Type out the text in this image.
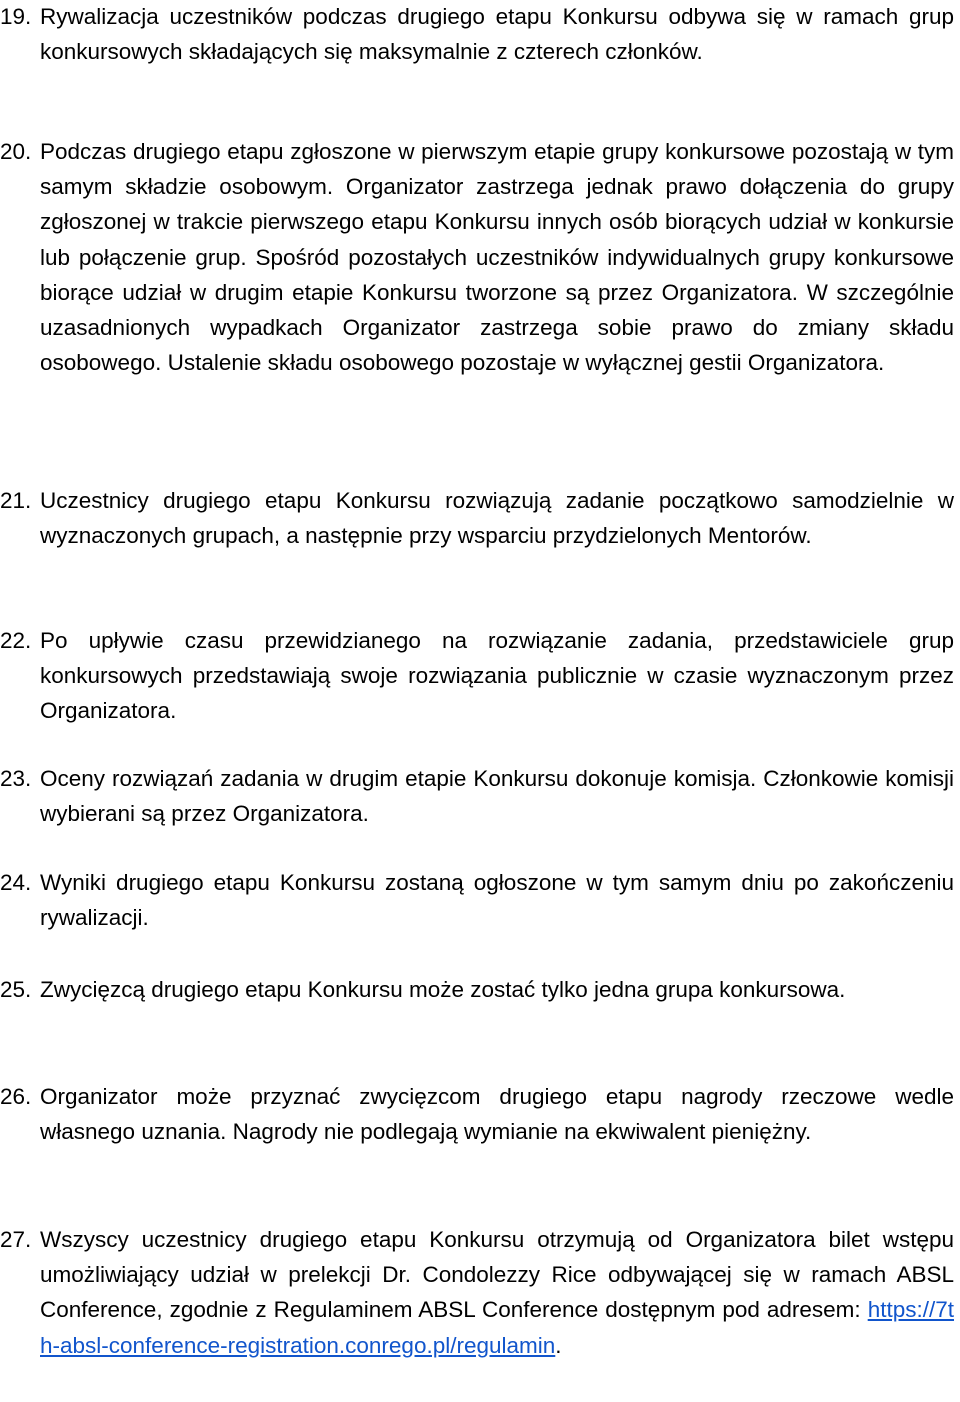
19. Rywalizacja uczestników podczas drugiego etapu Konkursu odbywa się w ramach grup konkursowych składających się maksymalnie z czterech członków.
20. Podczas drugiego etapu zgłoszone w pierwszym etapie grupy konkursowe pozostają w tym samym składzie osobowym. Organizator zastrzega jednak prawo dołączenia do grupy zgłoszonej w trakcie pierwszego etapu Konkursu innych osób biorących udział w konkursie lub połączenie grup. Spośród pozostałych uczestników indywidualnych grupy konkursowe biorące udział w drugim etapie Konkursu tworzone są przez Organizatora. W szczególnie uzasadnionych wypadkach Organizator zastrzega sobie prawo do zmiany składu osobowego. Ustalenie składu osobowego pozostaje w wyłącznej gestii Organizatora.
21. Uczestnicy drugiego etapu Konkursu rozwiązują zadanie początkowo samodzielnie w wyznaczonych grupach, a następnie przy wsparciu przydzielonych Mentorów.
22. Po upływie czasu przewidzianego na rozwiązanie zadania, przedstawiciele grup konkursowych przedstawiają swoje rozwiązania publicznie w czasie wyznaczonym przez Organizatora.
23. Oceny rozwiązań zadania w drugim etapie Konkursu dokonuje komisja. Członkowie komisji wybierani są przez Organizatora.
24. Wyniki drugiego etapu Konkursu zostaną ogłoszone w tym samym dniu po zakończeniu rywalizacji.
25. Zwycięzcą drugiego etapu Konkursu może zostać tylko jedna grupa konkursowa.
26. Organizator może przyznać zwycięzcom drugiego etapu nagrody rzeczowe wedle własnego uznania. Nagrody nie podlegają wymianie na ekwiwalent pieniężny.
27. Wszyscy uczestnicy drugiego etapu Konkursu otrzymują od Organizatora bilet wstępu umożliwiający udział w prelekcji Dr. Condolezzy Rice odbywającej się w ramach ABSL Conference, zgodnie z Regulaminem ABSL Conference dostępnym pod adresem: https://7th-absl-conference-registration.conrego.pl/regulamin.
